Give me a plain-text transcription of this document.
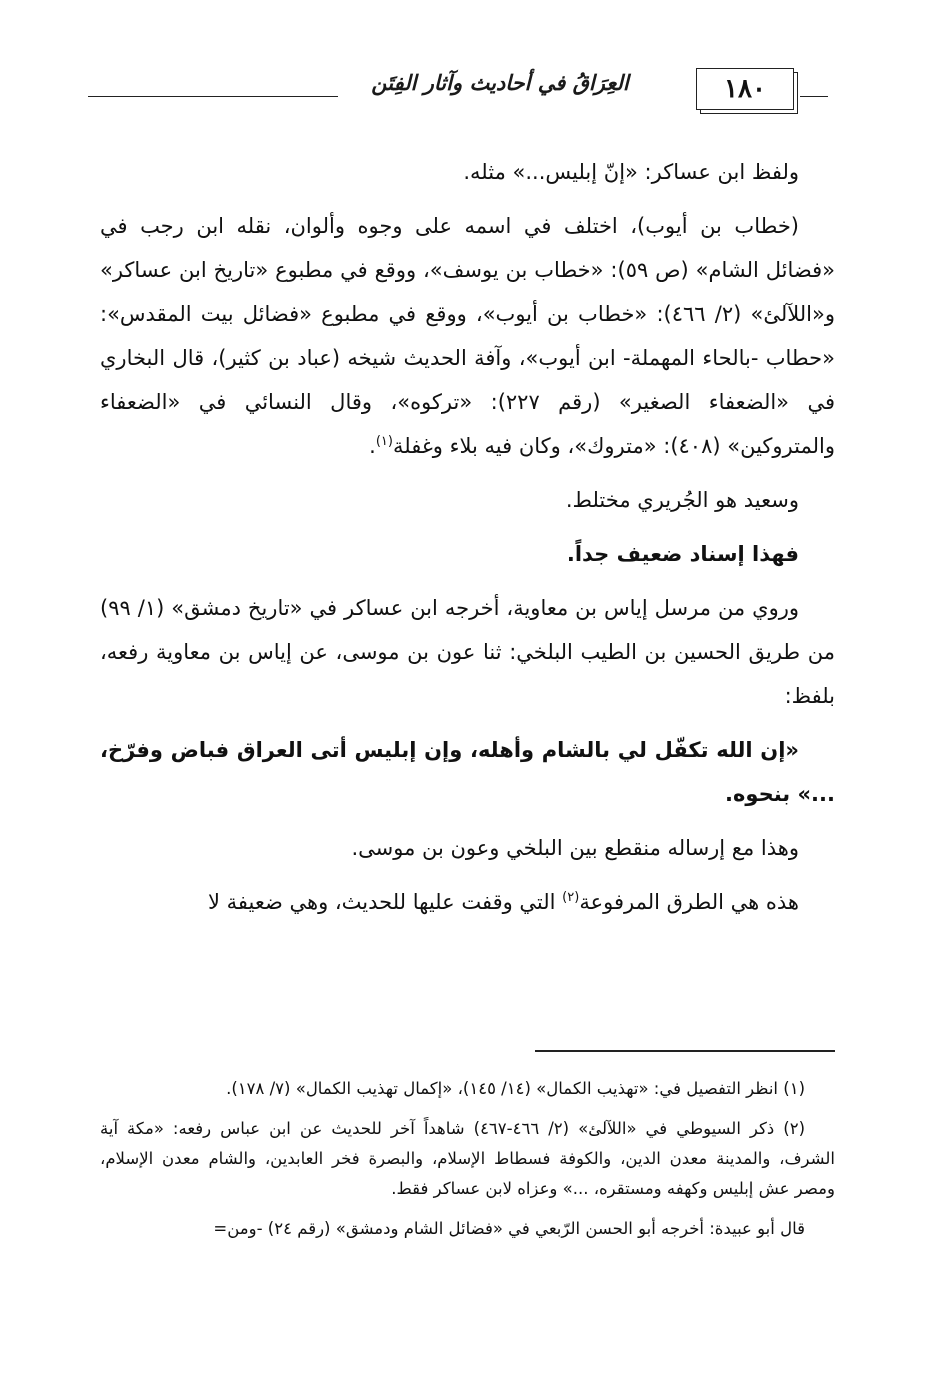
العِرَاقُ في أحاديث وآثار الفِتَن	١٨٠

ولفظ ابن عساكر: «إنّ إبليس...» مثله.

(خطاب بن أيوب)، اختلف في اسمه على وجوه وألوان، نقله ابن رجب في «فضائل الشام» (ص ٥٩): «خطاب بن يوسف»، ووقع في مطبوع «تاريخ ابن عساكر» و«اللآلئ» (٢/ ٤٦٦): «خطاب بن أيوب»، ووقع في مطبوع «فضائل بيت المقدس»: «حطاب -بالحاء المهملة- ابن أيوب»، وآفة الحديث شيخه (عباد بن كثير)، قال البخاري في «الضعفاء الصغير» (رقم ٢٢٧): «تركوه»، وقال النسائي في «الضعفاء والمتروكين» (٤٠٨): «متروك»، وكان فيه بلاء وغفلة$^{(١)}$.

وسعيد هو الجُريري مختلط.

فهذا إسناد ضعيف جداً.

وروي من مرسل إياس بن معاوية، أخرجه ابن عساكر في «تاريخ دمشق» (١/ ٩٩) من طريق الحسين بن الطيب البلخي: ثنا عون بن موسى، عن إياس بن معاوية رفعه، بلفظ:

«إن الله تكفّل لي بالشام وأهله، وإن إبليس أتى العراق فباض وفرّخ، ...» بنحوه.

وهذا مع إرساله منقطع بين البلخي وعون بن موسى.

هذه هي الطرق المرفوعة$^{(٢)}$ التي وقفت عليها للحديث، وهي ضعيفة لا

(١) انظر التفصيل في: «تهذيب الكمال» (١٤/ ١٤٥)، «إكمال تهذيب الكمال» (٧/ ١٧٨).

(٢) ذكر السيوطي في «اللآلئ» (٢/ ٤٦٦-٤٦٧) شاهداً آخر للحديث عن ابن عباس رفعه: «مكة آية الشرف، والمدينة معدن الدين، والكوفة فسطاط الإسلام، والبصرة فخر العابدين، والشام معدن الإسلام، ومصر عش إبليس وكهفه ومستقره، ...» وعزاه لابن عساكر فقط.

قال أبو عبيدة: أخرجه أبو الحسن الرّبعي في «فضائل الشام ودمشق» (رقم ٢٤) -ومن=
